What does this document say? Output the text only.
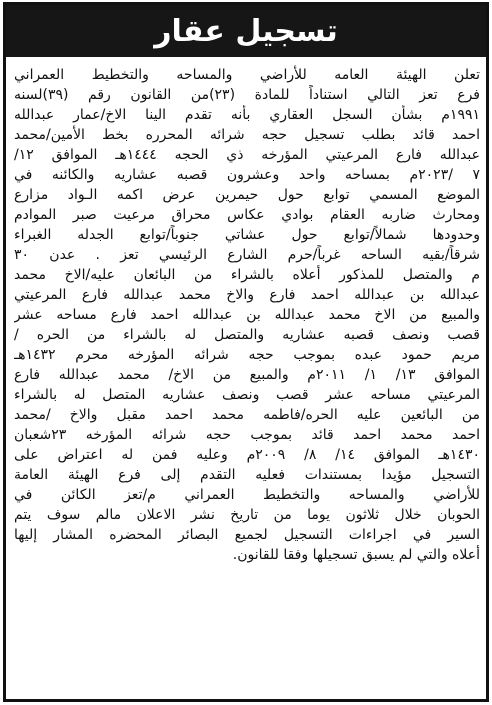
تسجيل عقار
تعلن الهيئة العامه للأراضي والمساحه والتخطيط العمراني
فرع تعز التالي استناداً للمادة (٢٣)من القانون رقم (٣٩)لسنه
١٩٩١م بشأن السجل العقاري بأنه تقدم الينا الاخ/عمار عبدالله
احمد قائد بطلب تسجيل حجه شرائه المحرره بخط الأمين/محمد
عبدالله فارع المرعيتي المؤرخه ذي الحجه ١٤٤٤هـ الموافق ١٢/
٧ /٢٠٢٣م بمساحه واحد وعشرون قصبه عشاريه والكائنه في
الموضع المسمي توابع حول حيمرين عرض اكمه الـواد مزارع
ومحارث ضاربه العقام بوادي عكاس محراق مرعيت صبر الموادم
وحدودها شمالاً/توابع حول عشاتي جنوباً/توابع الجدله الغبراء
شرقاً/بقيه الساحه غرباً/حرم الشارع الرئيسي تعز . عدن ٣٠
م والمتصل للمذكور أعلاه بالشراء من البائعان عليه/الاخ محمد
عبدالله بن عبدالله احمد فارع والاخ محمد عبدالله فارع المرعيتي
والمبيع من الاخ محمد عبدالله بن عبدالله احمد فارع مساحه عشر
قصب ونصف قصبه عشاريه والمتصل له بالشراء من الحره /
مريم حمود عبده بموجب حجه شرائه المؤرخه محرم ١٤٣٢هـ
الموافق ١٣/ ١/ ٢٠١١م والمبيع من الاخ/ محمد عبدالله فارع
المرعيتي مساحه عشر قصب ونصف عشاريه المتصل له بالشراء
من البائعين عليه الحره/فاطمه محمد احمد مقبل والاخ /محمد
احمد محمد احمد قائد بموجب حجه شرائه المؤرخه ٢٣شعبان
١٤٣٠هـ الموافق ١٤/ ٨/ ٢٠٠٩م وعليه فمن له اعتراض على
التسجيل مؤيدا بمستندات فعليه التقدم إلى فرع الهيئة العامة
للأراضي والمساحه والتخطيط العمراني م/تعز الكائن في
الحوبان خلال ثلاثون يوما من تاريخ نشر الاعلان مالم سوف يتم
السير في اجراءات التسجيل لجميع البصائر المحضره المشار إليها
أعلاه والتي لم يسبق تسجيلها وفقا للقانون.
